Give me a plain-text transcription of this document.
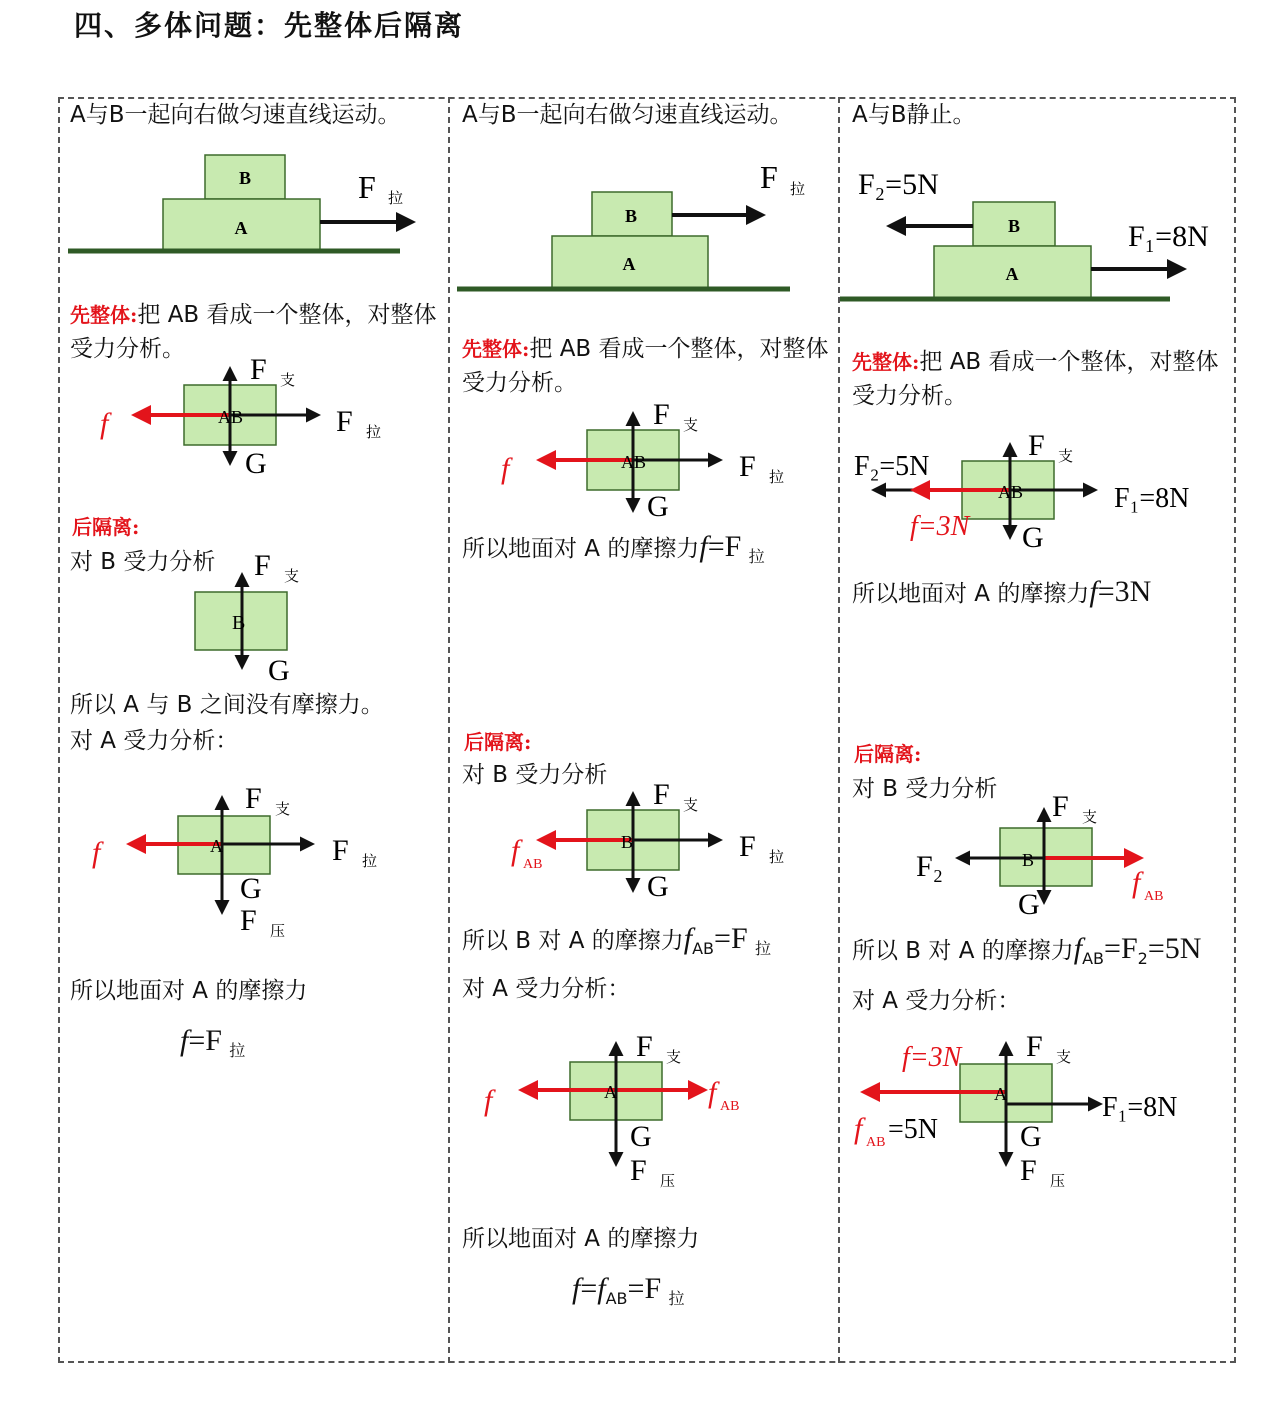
四、多体问题：先整体后隔离
A与B一起向右做匀速直线运动。
B
A
F 拉
先整体:把 AB 看成一个整体，对整体受力分析。
AB
f
F 支
G
F 拉
后隔离:
对 B 受力分析
B
F 支
G
所以 A 与 B 之间没有摩擦力。
对 A 受力分析：
A
f
F 支
G
F 压
F 拉
所以地面对 A 的摩擦力
f=F $_拉$
A与B一起向右做匀速直线运动。
B
A
F 拉
先整体:把 AB 看成一个整体，对整体受力分析。
AB
f
F 支
G
F 拉
所以地面对 A 的摩擦力f=F $_拉$
后隔离:
对 B 受力分析
B
f AB
F 支
G
F 拉
所以 B 对 A 的摩擦力$f_{AB}=F$ $_拉$
对 A 受力分析：
A
f	f AB
F 支
G
F 压
所以地面对 A 的摩擦力
$f=f_{AB}=F$ $_拉$
A与B静止。
B
A
F₂=5N
F₁=8N
先整体:把 AB 看成一个整体，对整体受力分析。
AB
F₂=5N
f=3N
F 支
G
F₁=8N
所以地面对 A 的摩擦力f=3N
后隔离:
对 B 受力分析
B
F₂	f AB
F 支
G
所以 B 对 A 的摩擦力$f_{AB}=F_2=5N$
对 A 受力分析：
A
f=3N
f AB =5N
F 支
G
F 压
F₁=8N
